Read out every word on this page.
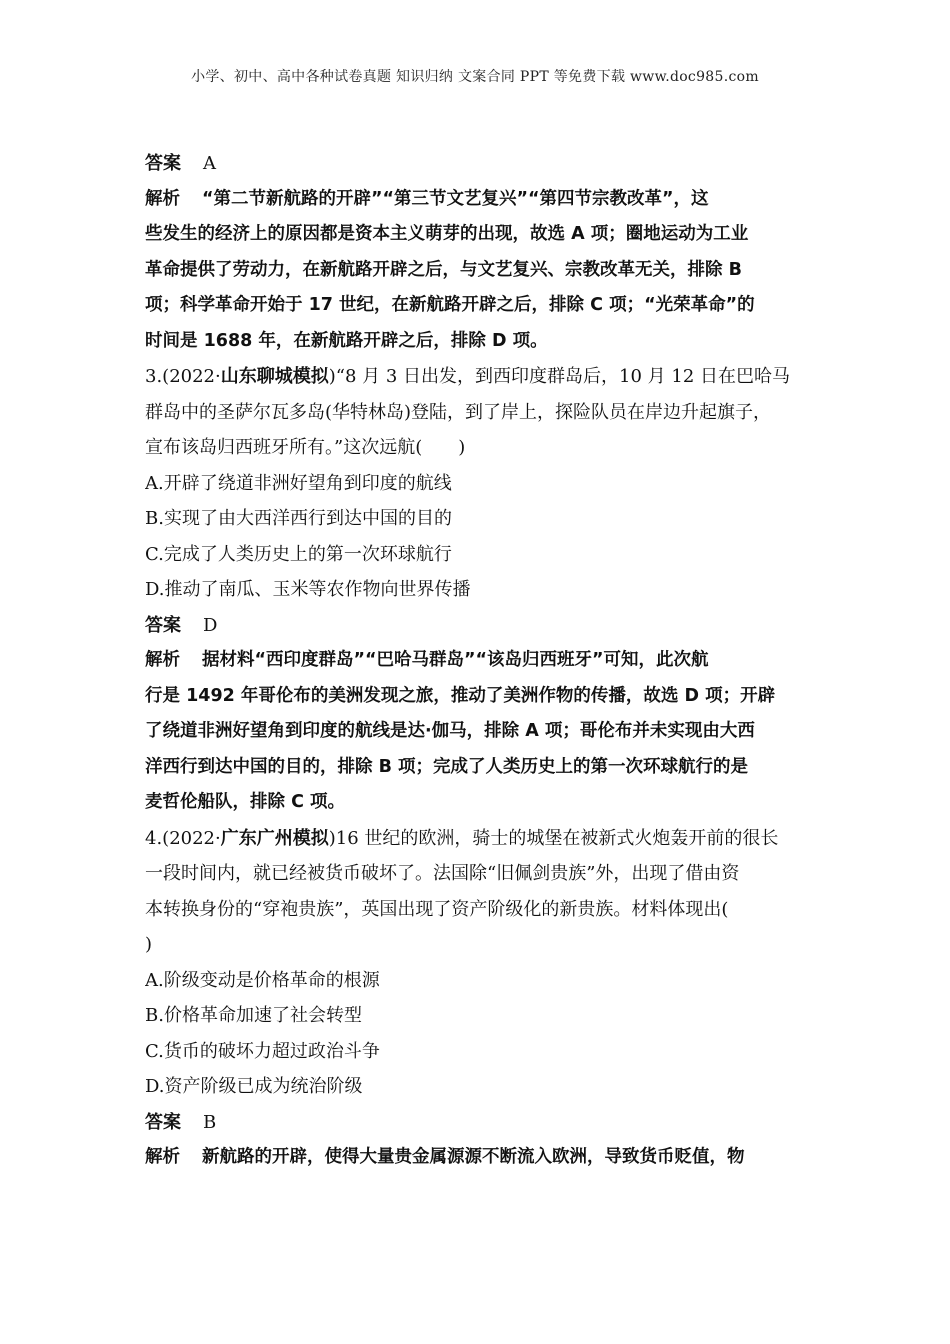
小学、初中、高中各种试卷真题 知识归纳 文案合同 PPT 等免费下载 www.doc985.com
答案 A
解析 “第二节新航路的开辟”“第三节文艺复兴”“第四节宗教改革”，这
些发生的经济上的原因都是资本主义萌芽的出现，故选 A 项；圈地运动为工业
革命提供了劳动力，在新航路开辟之后，与文艺复兴、宗教改革无关，排除 B
项；科学革命开始于 17 世纪，在新航路开辟之后，排除 C 项；“光荣革命”的
时间是 1688 年，在新航路开辟之后，排除 D 项。
3.(2022·山东聊城模拟)“8 月 3 日出发，到西印度群岛后，10 月 12 日在巴哈马
群岛中的圣萨尔瓦多岛(华特林岛)登陆，到了岸上，探险队员在岸边升起旗子，
宣布该岛归西班牙所有。”这次远航(　　)
A.开辟了绕道非洲好望角到印度的航线
B.实现了由大西洋西行到达中国的目的
C.完成了人类历史上的第一次环球航行
D.推动了南瓜、玉米等农作物向世界传播
答案 D
解析 据材料“西印度群岛”“巴哈马群岛”“该岛归西班牙”可知，此次航
行是 1492 年哥伦布的美洲发现之旅，推动了美洲作物的传播，故选 D 项；开辟
了绕道非洲好望角到印度的航线是达·伽马，排除 A 项；哥伦布并未实现由大西
洋西行到达中国的目的，排除 B 项；完成了人类历史上的第一次环球航行的是
麦哲伦船队，排除 C 项。
4.(2022·广东广州模拟)16 世纪的欧洲，骑士的城堡在被新式火炮轰开前的很长
一段时间内，就已经被货币破坏了。法国除“旧佩剑贵族”外，出现了借由资
本转换身份的“穿袍贵族”，英国出现了资产阶级化的新贵族。材料体现出(
)
A.阶级变动是价格革命的根源
B.价格革命加速了社会转型
C.货币的破坏力超过政治斗争
D.资产阶级已成为统治阶级
答案 B
解析 新航路的开辟，使得大量贵金属源源不断流入欧洲，导致货币贬值，物
